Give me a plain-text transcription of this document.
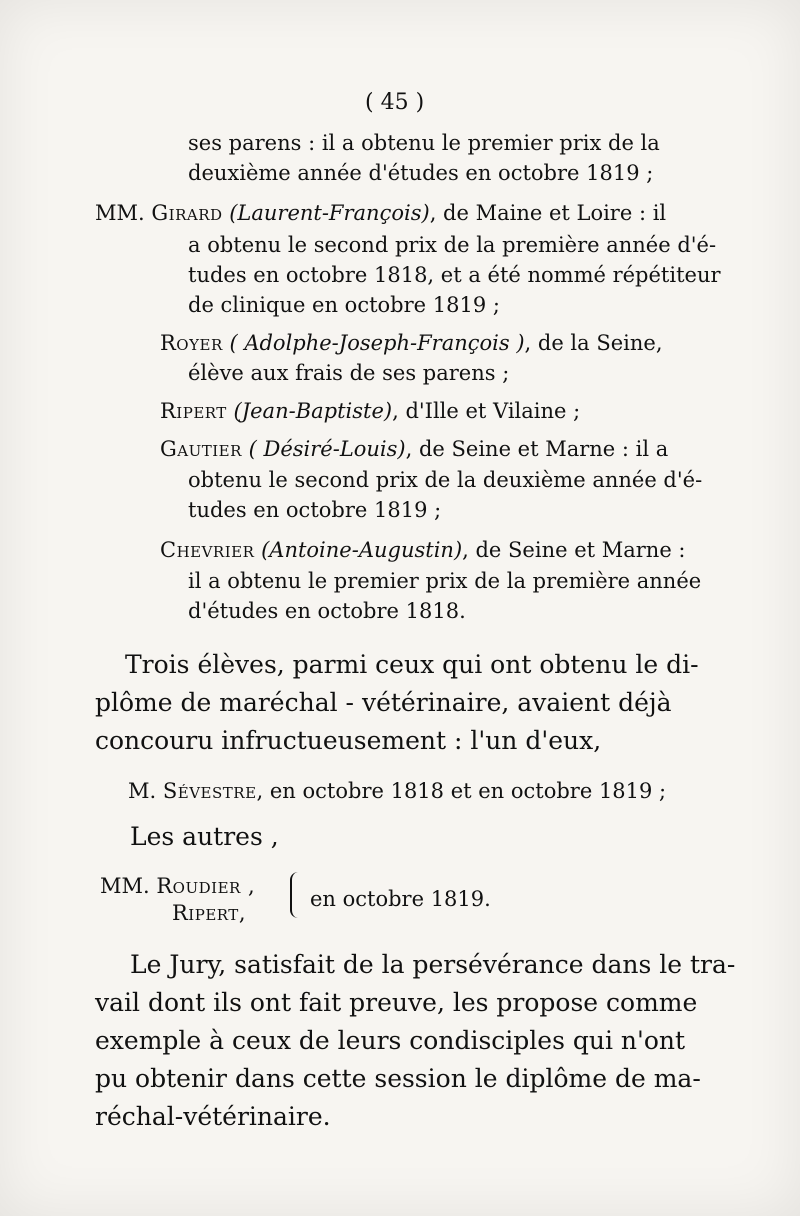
( 45 )
ses parens : il a obtenu le premier prix de la
deuxième année d'études en octobre 1819 ;
MM. Girard (Laurent-François), de Maine et Loire : il
a obtenu le second prix de la première année d'é-
tudes en octobre 1818, et a été nommé répétiteur
de clinique en octobre 1819 ;
Royer ( Adolphe-Joseph-François ), de la Seine,
élève aux frais de ses parens ;
Ripert (Jean-Baptiste), d'Ille et Vilaine ;
Gautier ( Désiré-Louis), de Seine et Marne : il a
obtenu le second prix de la deuxième année d'é-
tudes en octobre 1819 ;
Chevrier (Antoine-Augustin), de Seine et Marne :
il a obtenu le premier prix de la première année
d'études en octobre 1818.
Trois élèves, parmi ceux qui ont obtenu le di-
plôme de maréchal - vétérinaire, avaient déjà
concouru infructueusement : l'un d'eux,
M. Sévestre, en octobre 1818 et en octobre 1819 ;
Les autres ,
MM. Roudier ,
Ripert,
en octobre 1819.
Le Jury, satisfait de la persévérance dans le tra-
vail dont ils ont fait preuve, les propose comme
exemple à ceux de leurs condisciples qui n'ont
pu obtenir dans cette session le diplôme de ma-
réchal-vétérinaire.
